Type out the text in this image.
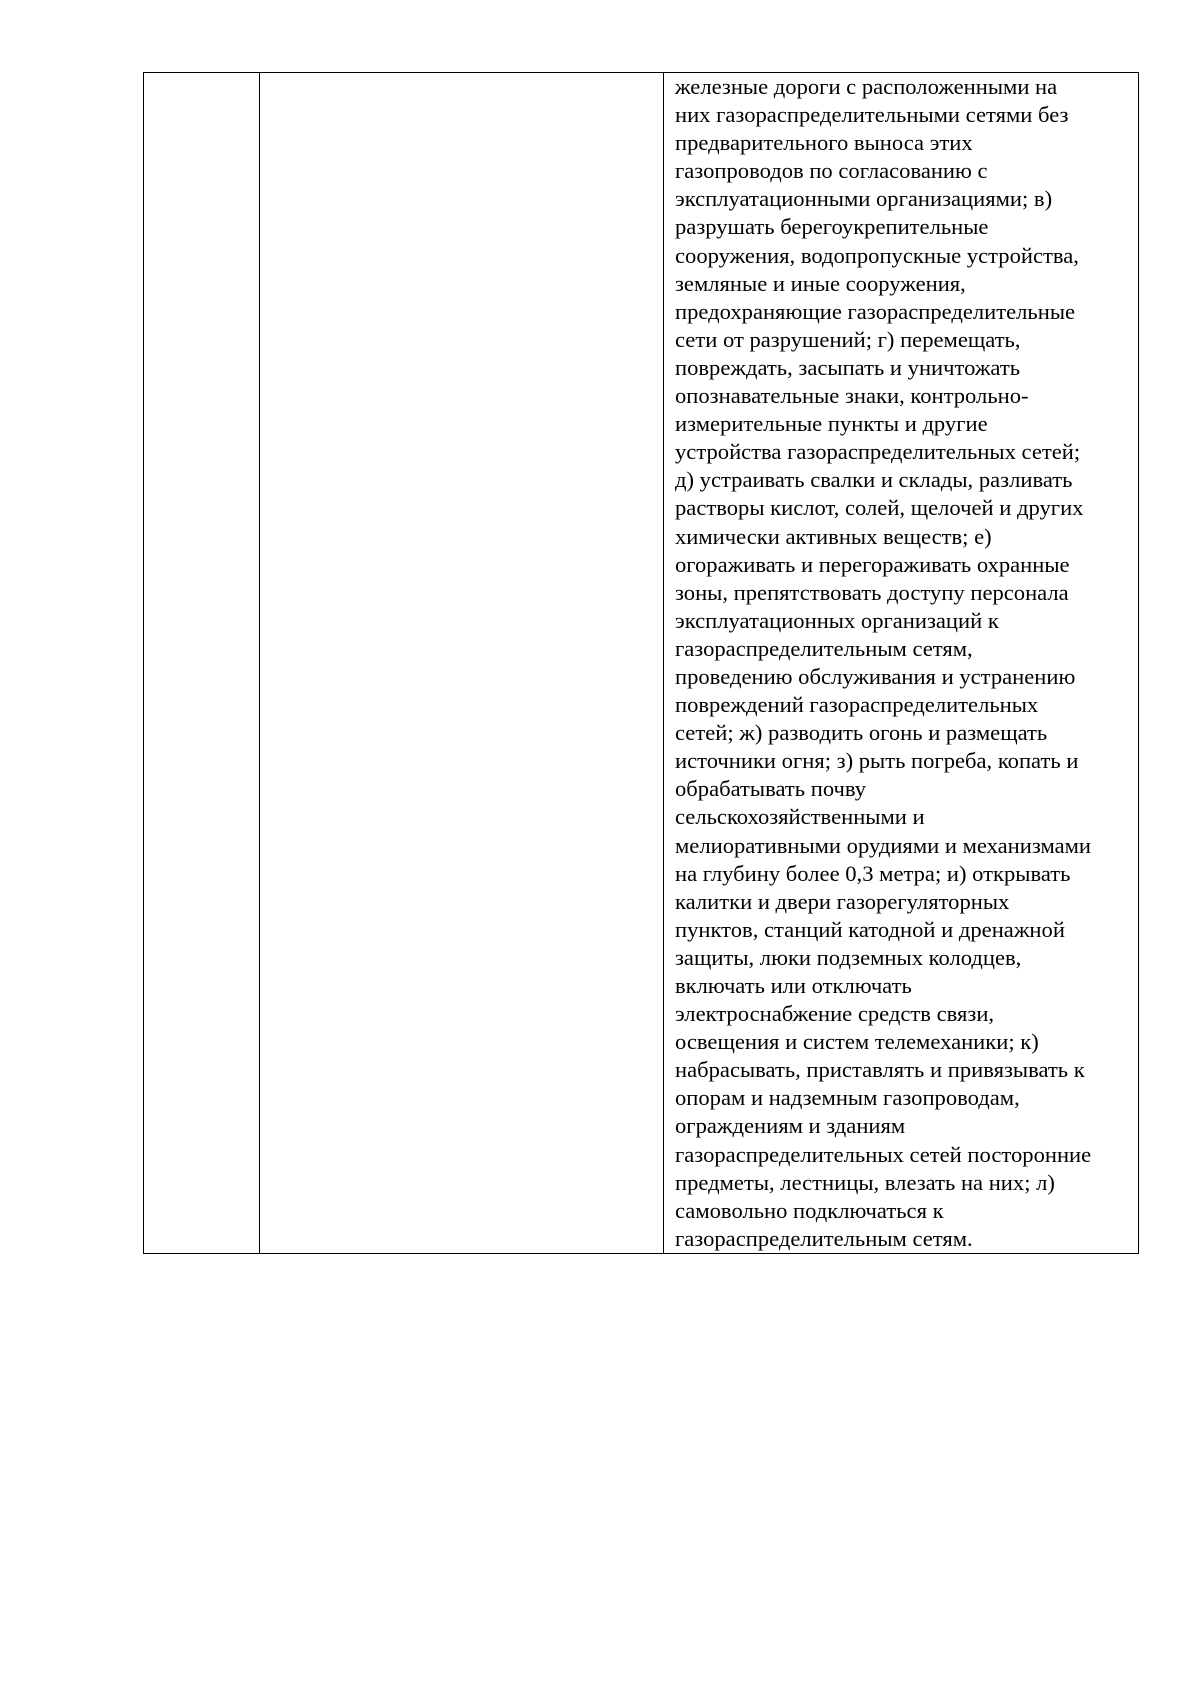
железные дороги с расположенными на
них газораспределительными сетями без
предварительного выноса этих
газопроводов по согласованию с
эксплуатационными организациями; в)
разрушать берегоукрепительные
сооружения, водопропускные устройства,
земляные и иные сооружения,
предохраняющие газораспределительные
сети от разрушений; г) перемещать,
повреждать, засыпать и уничтожать
опознавательные знаки, контрольно-
измерительные пункты и другие
устройства газораспределительных сетей;
д) устраивать свалки и склады, разливать
растворы кислот, солей, щелочей и других
химически активных веществ; е)
огораживать и перегораживать охранные
зоны, препятствовать доступу персонала
эксплуатационных организаций к
газораспределительным сетям,
проведению обслуживания и устранению
повреждений газораспределительных
сетей; ж) разводить огонь и размещать
источники огня; з) рыть погреба, копать и
обрабатывать почву
сельскохозяйственными и
мелиоративными орудиями и механизмами
на глубину более 0,3 метра; и) открывать
калитки и двери газорегуляторных
пунктов, станций катодной и дренажной
защиты, люки подземных колодцев,
включать или отключать
электроснабжение средств связи,
освещения и систем телемеханики; к)
набрасывать, приставлять и привязывать к
опорам и надземным газопроводам,
ограждениям и зданиям
газораспределительных сетей посторонние
предметы, лестницы, влезать на них; л)
самовольно подключаться к
газораспределительным сетям.
